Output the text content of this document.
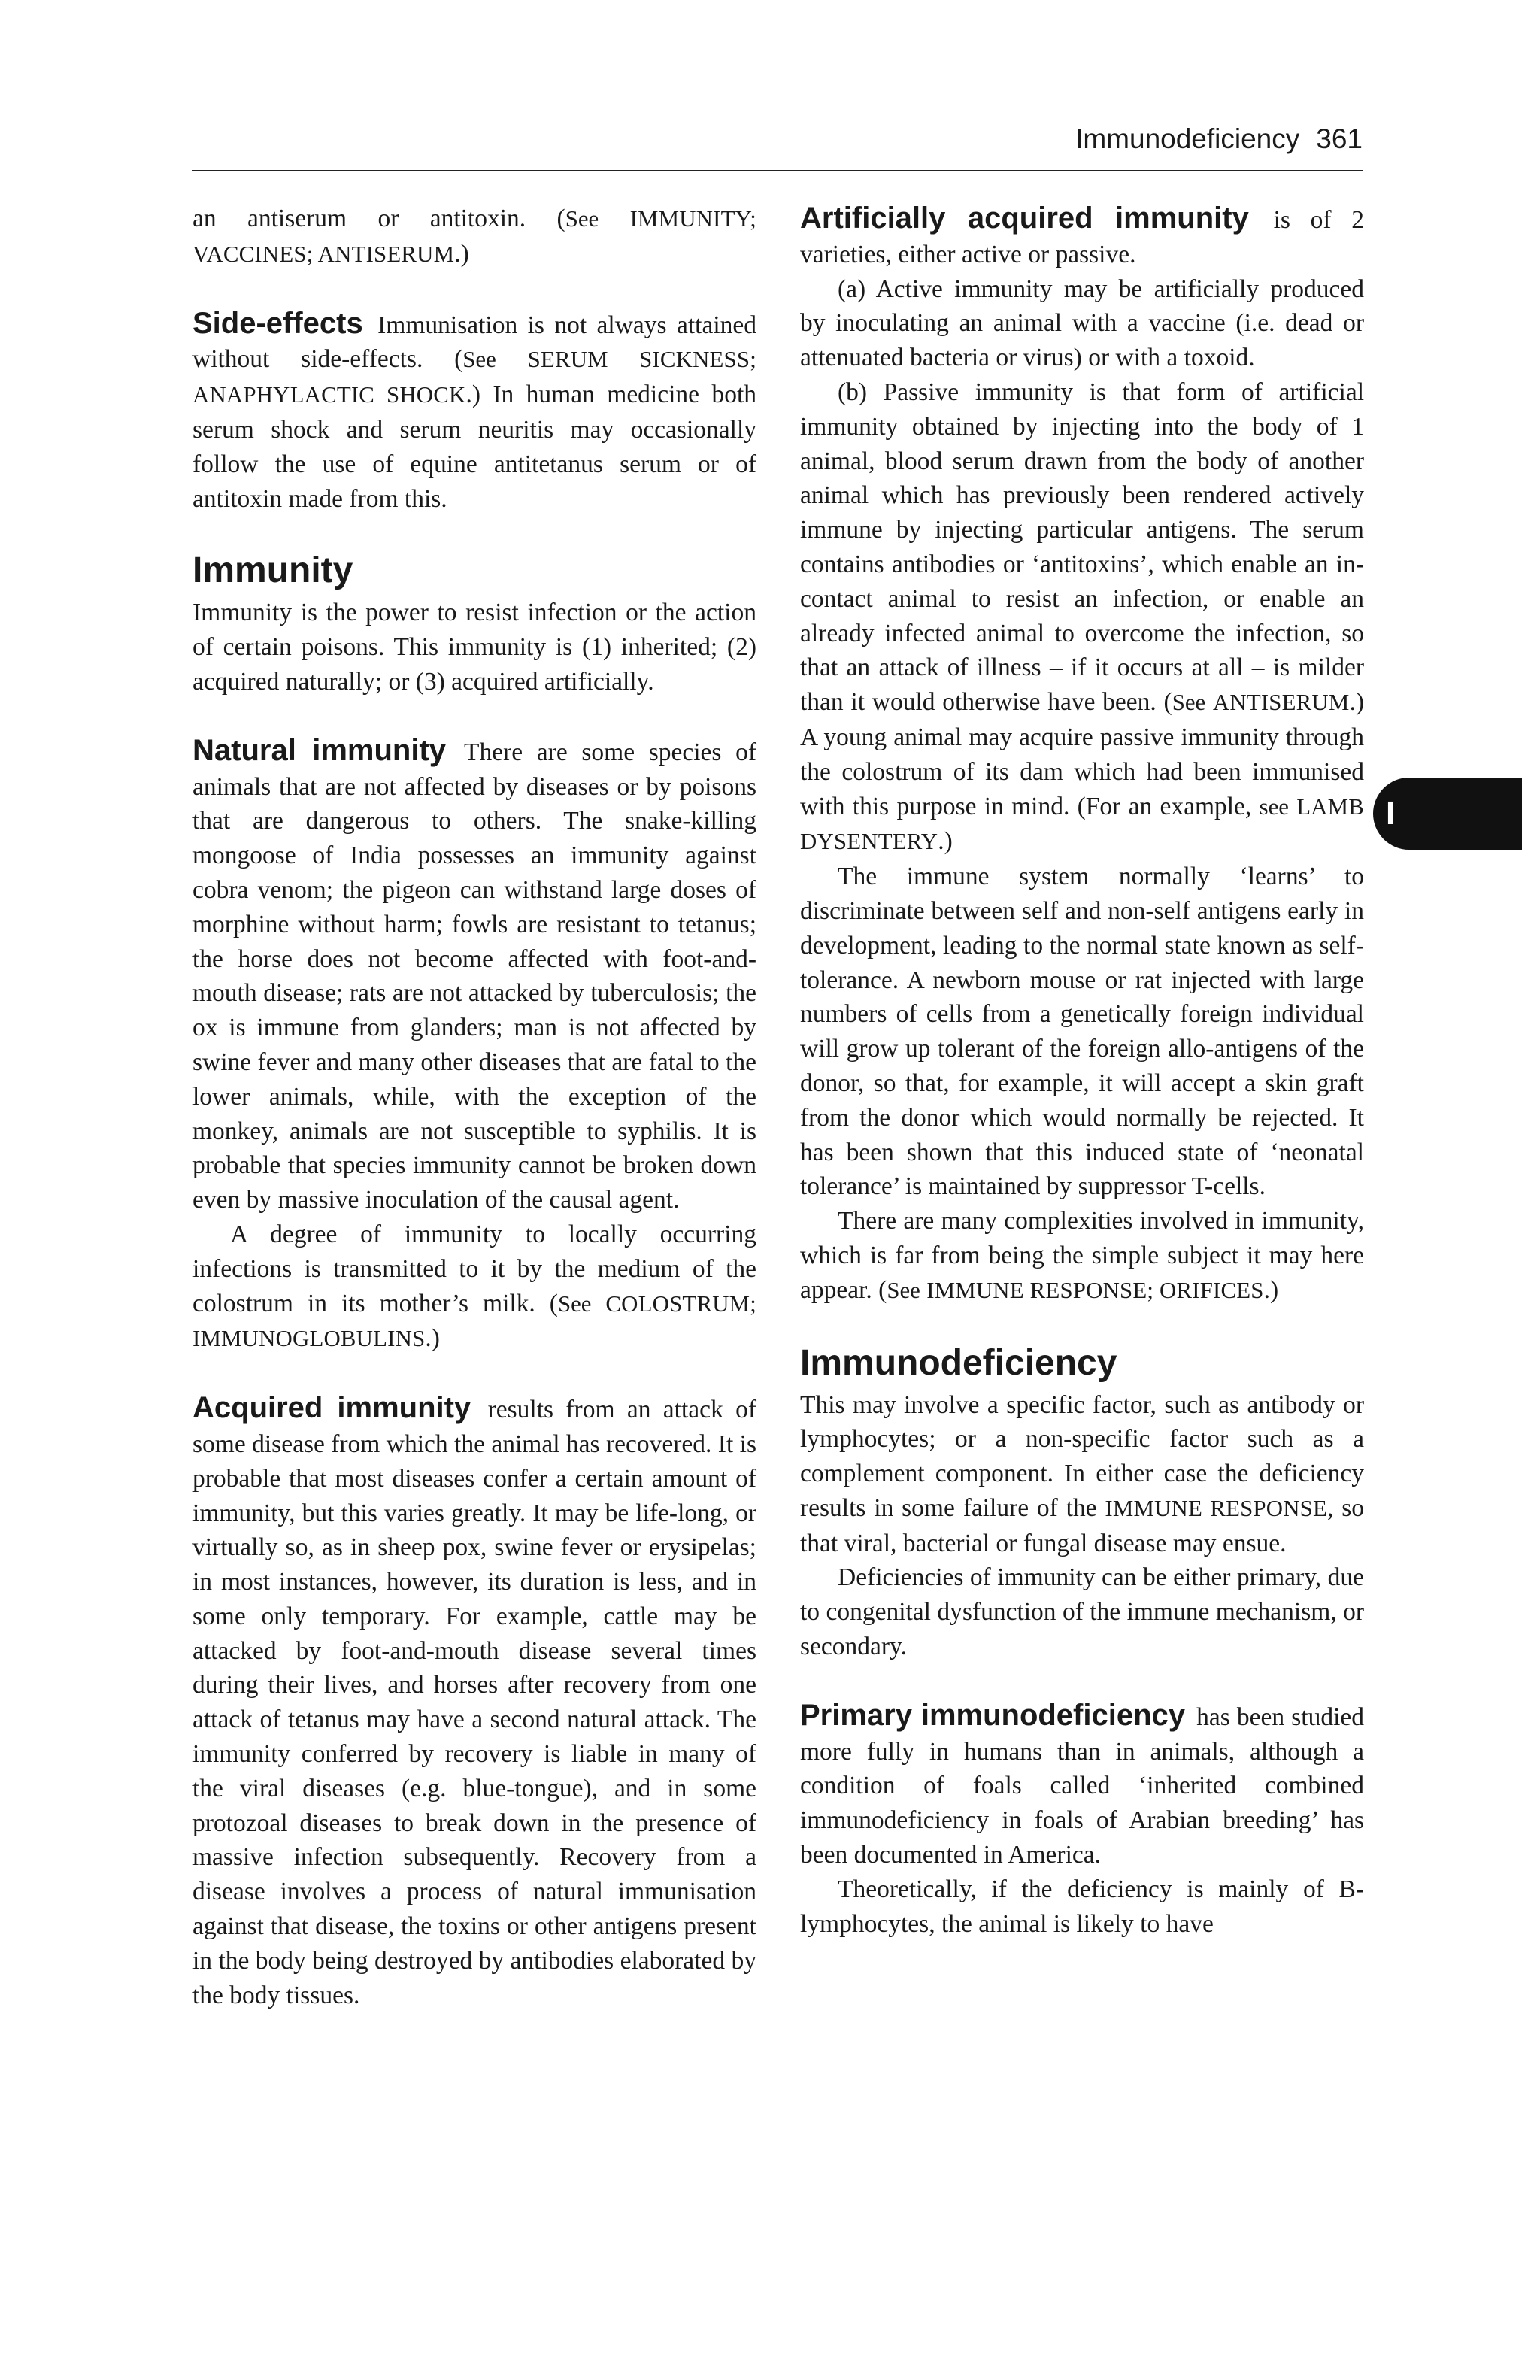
Immunodeficiency 361
I

an antiserum or antitoxin. (See IMMUNITY; VACCINES; ANTISERUM.)

Side-effects Immunisation is not always attained without side-effects. (See SERUM SICKNESS; ANAPHYLACTIC SHOCK.) In human medicine both serum shock and serum neuritis may occasionally follow the use of equine antitetanus serum or of antitoxin made from this.

Immunity

Immunity is the power to resist infection or the action of certain poisons. This immunity is (1) inherited; (2) acquired naturally; or (3) acquired artificially.

Natural immunity There are some species of animals that are not affected by diseases or by poisons that are dangerous to others. The snake-killing mongoose of India possesses an immunity against cobra venom; the pigeon can withstand large doses of morphine without harm; fowls are resistant to tetanus; the horse does not become affected with foot-and-mouth disease; rats are not attacked by tuberculosis; the ox is immune from glanders; man is not affected by swine fever and many other diseases that are fatal to the lower animals, while, with the exception of the monkey, animals are not susceptible to syphilis. It is probable that species immunity cannot be broken down even by massive inoculation of the causal agent.

A degree of immunity to locally occurring infections is transmitted to it by the medium of the colostrum in its mother’s milk. (See COLOSTRUM; IMMUNOGLOBULINS.)

Acquired immunity results from an attack of some disease from which the animal has recovered. It is probable that most diseases confer a certain amount of immunity, but this varies greatly. It may be life-long, or virtually so, as in sheep pox, swine fever or erysipelas; in most instances, however, its duration is less, and in some only temporary. For example, cattle may be attacked by foot-and-mouth disease several times during their lives, and horses after recovery from one attack of tetanus may have a second natural attack. The immunity conferred by recovery is liable in many of the viral diseases (e.g. blue-tongue), and in some protozoal diseases to break down in the presence of massive infection subsequently. Recovery from a disease involves a process of natural immunisation against that disease, the toxins or other antigens present in the body being destroyed by antibodies elaborated by the body tissues.

Artificially acquired immunity is of 2 varieties, either active or passive.

(a) Active immunity may be artificially produced by inoculating an animal with a vaccine (i.e. dead or attenuated bacteria or virus) or with a toxoid.

(b) Passive immunity is that form of artificial immunity obtained by injecting into the body of 1 animal, blood serum drawn from the body of another animal which has previously been rendered actively immune by injecting particular antigens. The serum contains antibodies or ‘antitoxins’, which enable an in-contact animal to resist an infection, or enable an already infected animal to overcome the infection, so that an attack of illness – if it occurs at all – is milder than it would otherwise have been. (See ANTISERUM.) A young animal may acquire passive immunity through the colostrum of its dam which had been immunised with this purpose in mind. (For an example, see LAMB DYSENTERY.)

The immune system normally ‘learns’ to discriminate between self and non-self antigens early in development, leading to the normal state known as self-tolerance. A newborn mouse or rat injected with large numbers of cells from a genetically foreign individual will grow up tolerant of the foreign allo-antigens of the donor, so that, for example, it will accept a skin graft from the donor which would normally be rejected. It has been shown that this induced state of ‘neonatal tolerance’ is maintained by suppressor T-cells.

There are many complexities involved in immunity, which is far from being the simple subject it may here appear. (See IMMUNE RESPONSE; ORIFICES.)

Immunodeficiency

This may involve a specific factor, such as antibody or lymphocytes; or a non-specific factor such as a complement component. In either case the deficiency results in some failure of the IMMUNE RESPONSE, so that viral, bacterial or fungal disease may ensue.

Deficiencies of immunity can be either primary, due to congenital dysfunction of the immune mechanism, or secondary.

Primary immunodeficiency has been studied more fully in humans than in animals, although a condition of foals called ‘inherited combined immunodeficiency in foals of Arabian breeding’ has been documented in America.

Theoretically, if the deficiency is mainly of B-lymphocytes, the animal is likely to have
